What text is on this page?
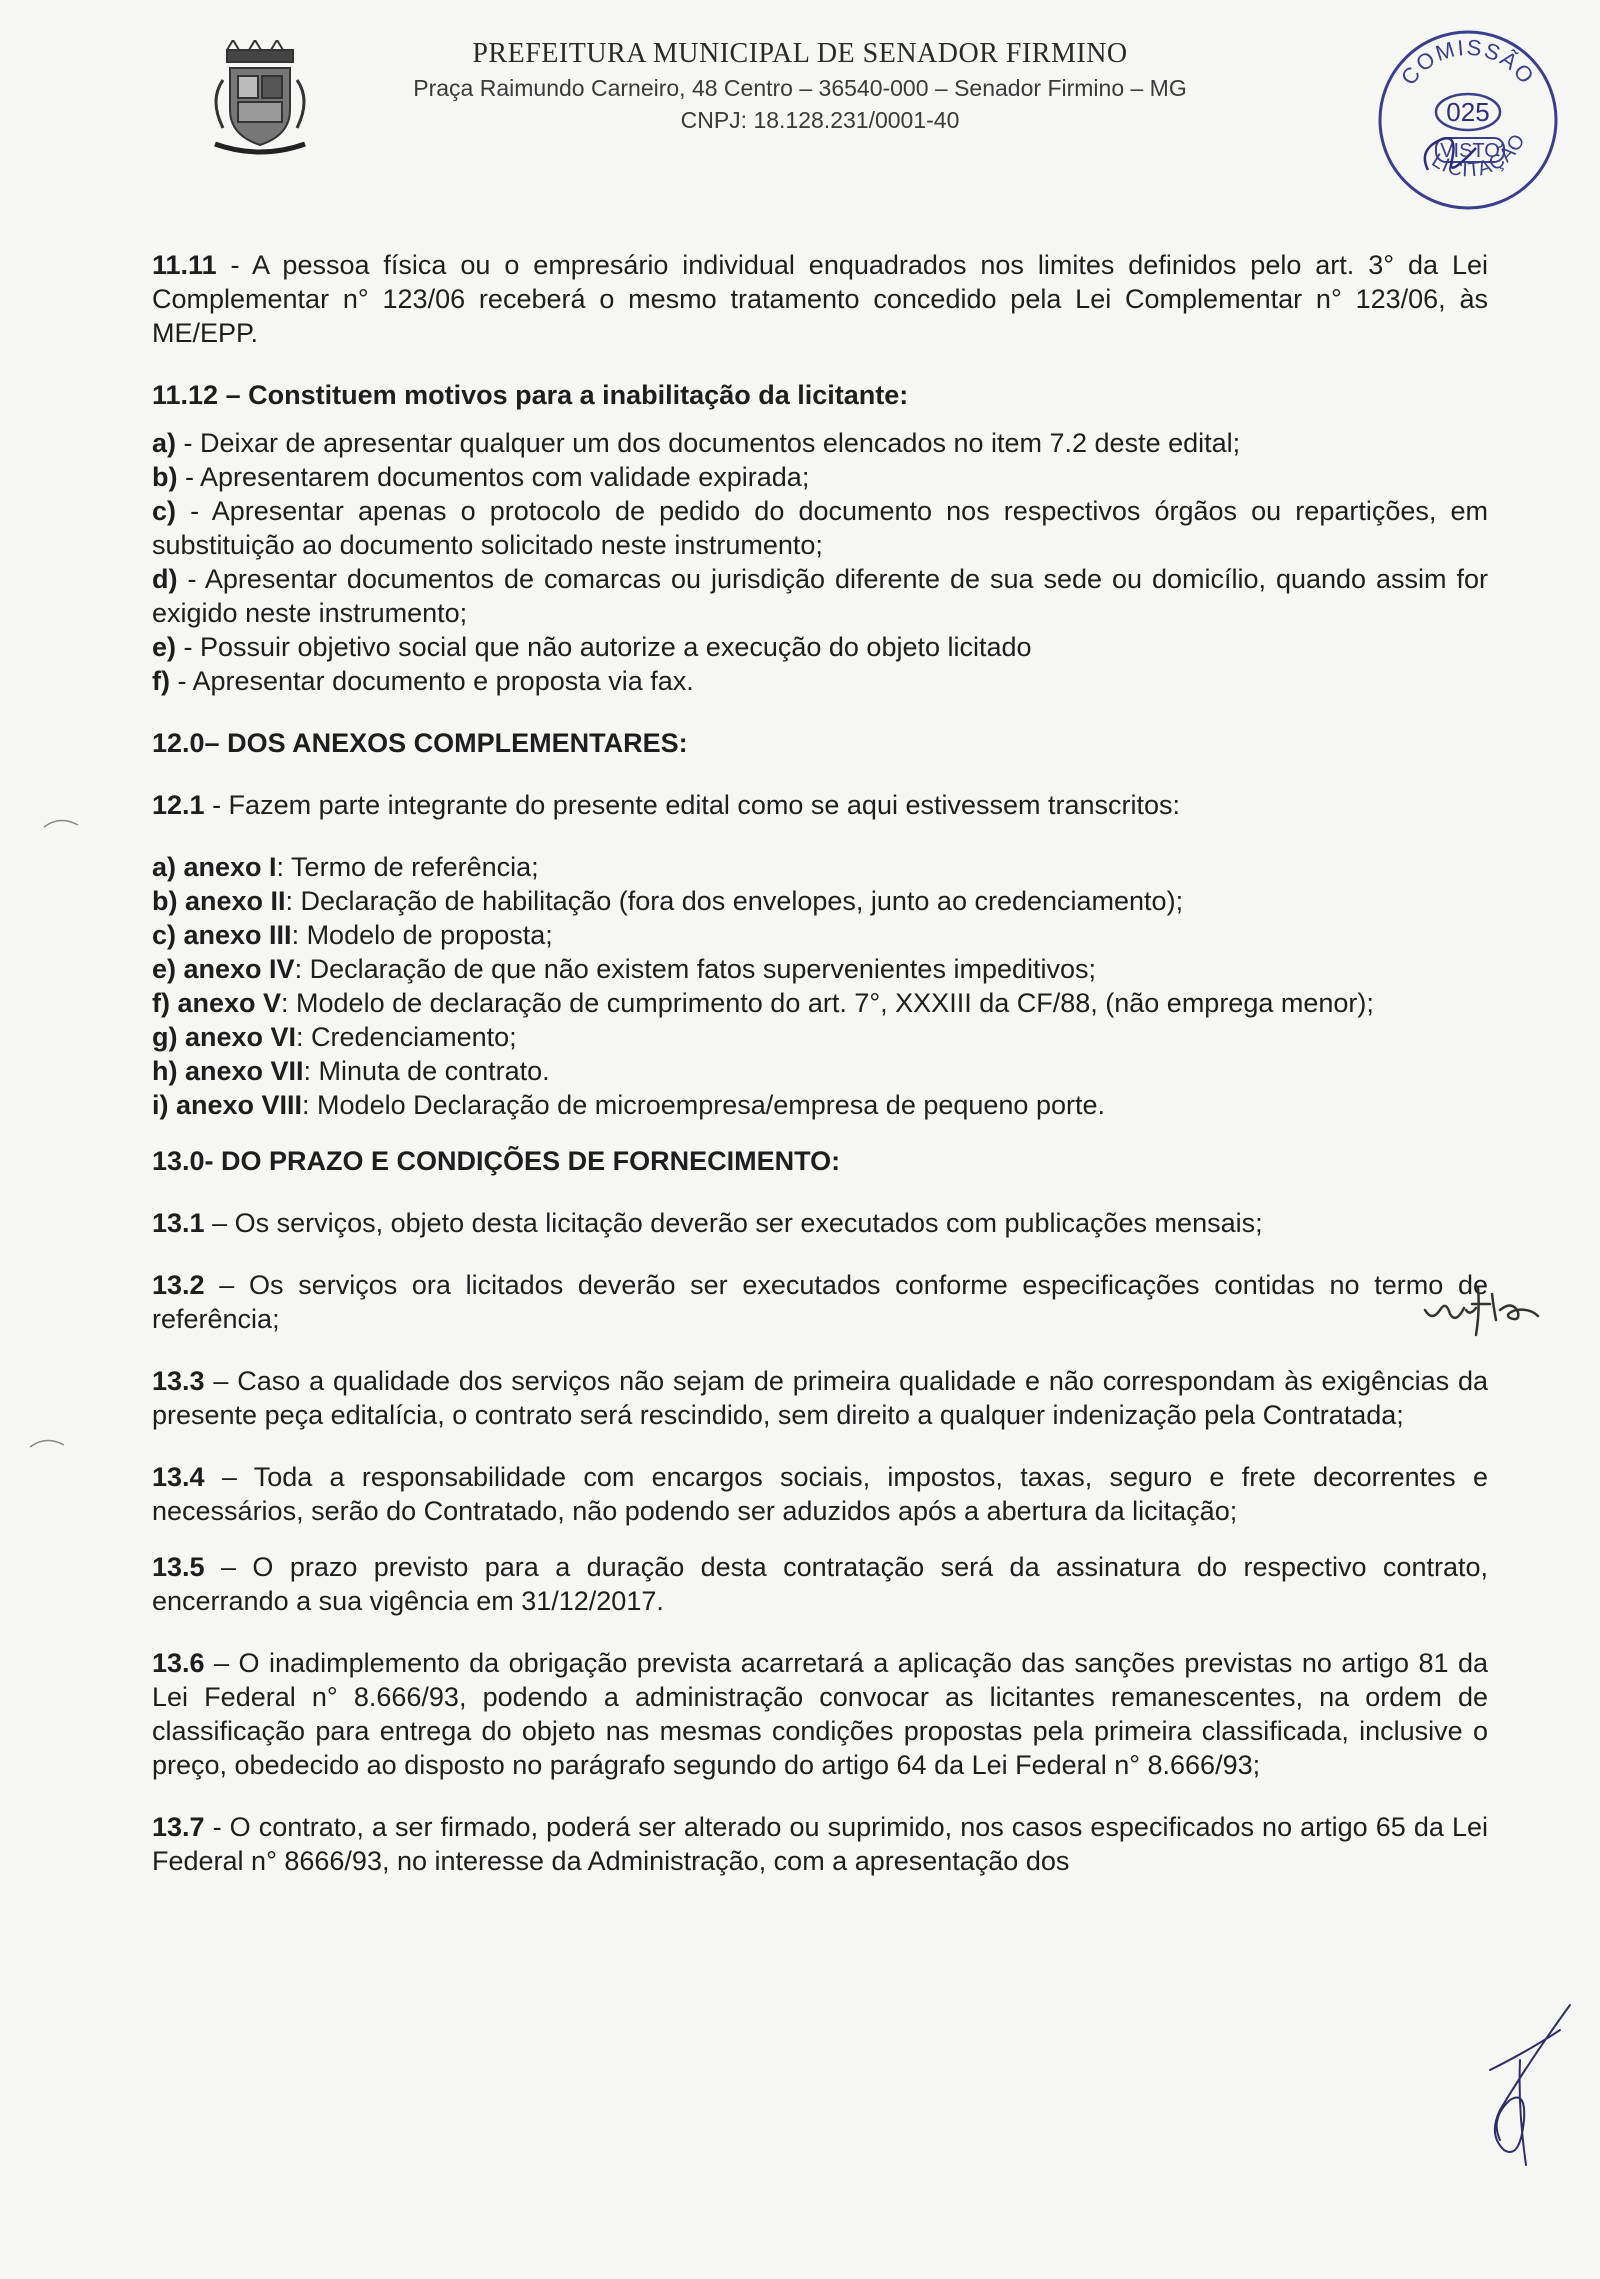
PREFEITURA MUNICIPAL DE SENADOR FIRMINO
Praça Raimundo Carneiro, 48 Centro – 36540-000 – Senador Firmino – MG
CNPJ: 18.128.231/0001-40
COMISSÃO
025
VISTO
LICITAÇÃO

11.11 - A pessoa física ou o empresário individual enquadrados nos limites definidos pelo art. 3° da Lei Complementar n° 123/06 receberá o mesmo tratamento concedido pela Lei Complementar n° 123/06, às ME/EPP.

11.12 – Constituem motivos para a inabilitação da licitante:

a) - Deixar de apresentar qualquer um dos documentos elencados no item 7.2 deste edital;

b) - Apresentarem documentos com validade expirada;

c) - Apresentar apenas o protocolo de pedido do documento nos respectivos órgãos ou repartições, em substituição ao documento solicitado neste instrumento;

d) - Apresentar documentos de comarcas ou jurisdição diferente de sua sede ou domicílio, quando assim for exigido neste instrumento;

e) - Possuir objetivo social que não autorize a execução do objeto licitado

f) - Apresentar documento e proposta via fax.

12.0– DOS ANEXOS COMPLEMENTARES:

12.1 - Fazem parte integrante do presente edital como se aqui estivessem transcritos:

a) anexo I: Termo de referência;

b) anexo II: Declaração de habilitação (fora dos envelopes, junto ao credenciamento);

c) anexo III: Modelo de proposta;

e) anexo IV: Declaração de que não existem fatos supervenientes impeditivos;

f) anexo V: Modelo de declaração de cumprimento do art. 7°, XXXIII da CF/88, (não emprega menor);

g) anexo VI: Credenciamento;

h) anexo VII: Minuta de contrato.

i) anexo VIII: Modelo Declaração de microempresa/empresa de pequeno porte.

13.0- DO PRAZO E CONDIÇÕES DE FORNECIMENTO:

13.1 – Os serviços, objeto desta licitação deverão ser executados com publicações mensais;

13.2 – Os serviços ora licitados deverão ser executados conforme especificações contidas no termo de referência;

13.3 – Caso a qualidade dos serviços não sejam de primeira qualidade e não correspondam às exigências da presente peça editalícia, o contrato será rescindido, sem direito a qualquer indenização pela Contratada;

13.4 – Toda a responsabilidade com encargos sociais, impostos, taxas, seguro e frete decorrentes e necessários, serão do Contratado, não podendo ser aduzidos após a abertura da licitação;

13.5 – O prazo previsto para a duração desta contratação será da assinatura do respectivo contrato, encerrando a sua vigência em 31/12/2017.

13.6 – O inadimplemento da obrigação prevista acarretará a aplicação das sanções previstas no artigo 81 da Lei Federal n° 8.666/93, podendo a administração convocar as licitantes remanescentes, na ordem de classificação para entrega do objeto nas mesmas condições propostas pela primeira classificada, inclusive o preço, obedecido ao disposto no parágrafo segundo do artigo 64 da Lei Federal n° 8.666/93;

13.7 - O contrato, a ser firmado, poderá ser alterado ou suprimido, nos casos especificados no artigo 65 da Lei Federal n° 8666/93, no interesse da Administração, com a apresentação dos
